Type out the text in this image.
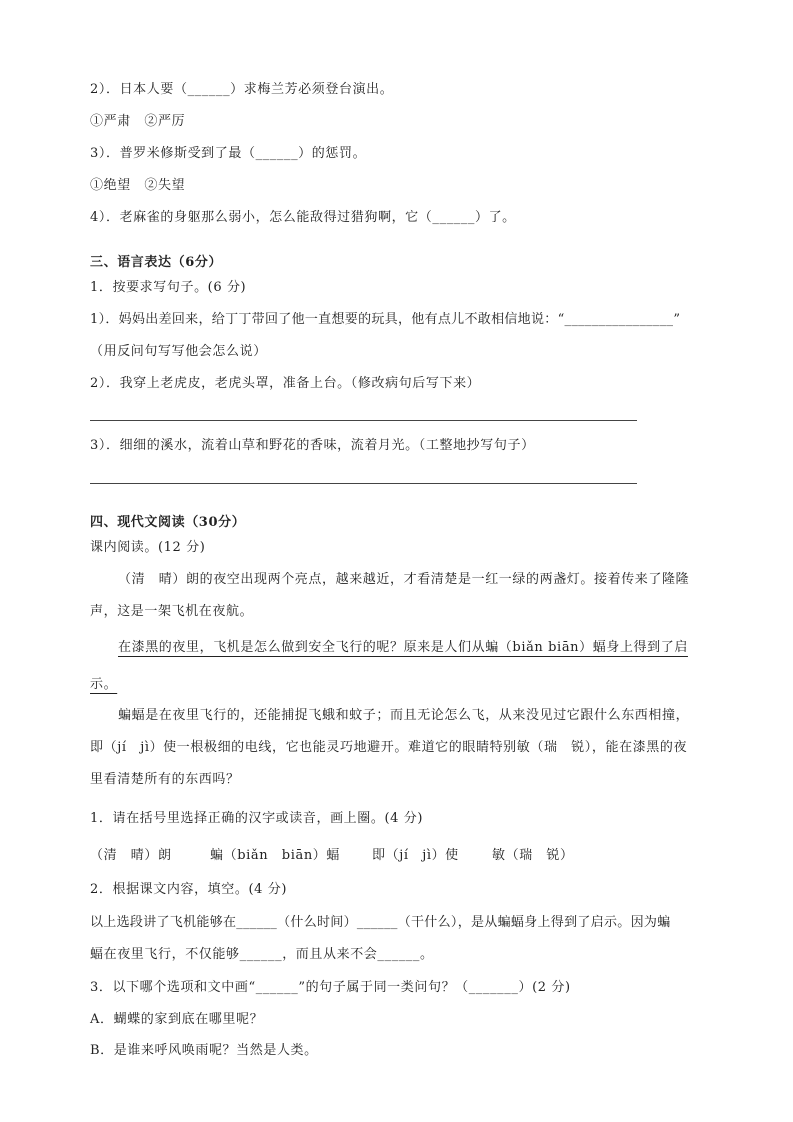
2）．日本人要（______）求梅兰芳必须登台演出。
①严肃　②严厉
3）．普罗米修斯受到了最（______）的惩罚。
①绝望　②失望
4）．老麻雀的身躯那么弱小，怎么能敌得过猎狗啊，它（______）了。
三、语言表达（6分）
1．按要求写句子。(6 分)
1）．妈妈出差回来，给丁丁带回了他一直想要的玩具，他有点儿不敢相信地说：“________________”
（用反问句写写他会怎么说）
2）．我穿上老虎皮，老虎头罩，准备上台。（修改病句后写下来）
3）．细细的溪水，流着山草和野花的香味，流着月光。（工整地抄写句子）
四、现代文阅读（30分）
课内阅读。(12 分)
（清　晴）朗的夜空出现两个亮点，越来越近，才看清楚是一红一绿的两盏灯。接着传来了隆隆
声，这是一架飞机在夜航。
在漆黑的夜里，飞机是怎么做到安全飞行的呢？原来是人们从蝙（biǎn biān）蝠身上得到了启
示。
蝙蝠是在夜里飞行的，还能捕捉飞蛾和蚊子；而且无论怎么飞，从来没见过它跟什么东西相撞，
即（jí　jì）使一根极细的电线，它也能灵巧地避开。难道它的眼睛特别敏（瑞　锐），能在漆黑的夜
里看清楚所有的东西吗？
1．请在括号里选择正确的汉字或读音，画上圈。(4 分)
（清　晴）朗	蝙（biǎn　biān）蝠 即（jí　jì）使	敏（瑞　锐）
2．根据课文内容，填空。(4 分)
以上选段讲了飞机能够在______（什么时间）______（干什么），是从蝙蝠身上得到了启示。因为蝙
蝠在夜里飞行，不仅能够______，而且从来不会______。
3．以下哪个选项和文中画“______”的句子属于同一类问句？（_______）(2 分)
A．蝴蝶的家到底在哪里呢？
B．是谁来呼风唤雨呢？当然是人类。
